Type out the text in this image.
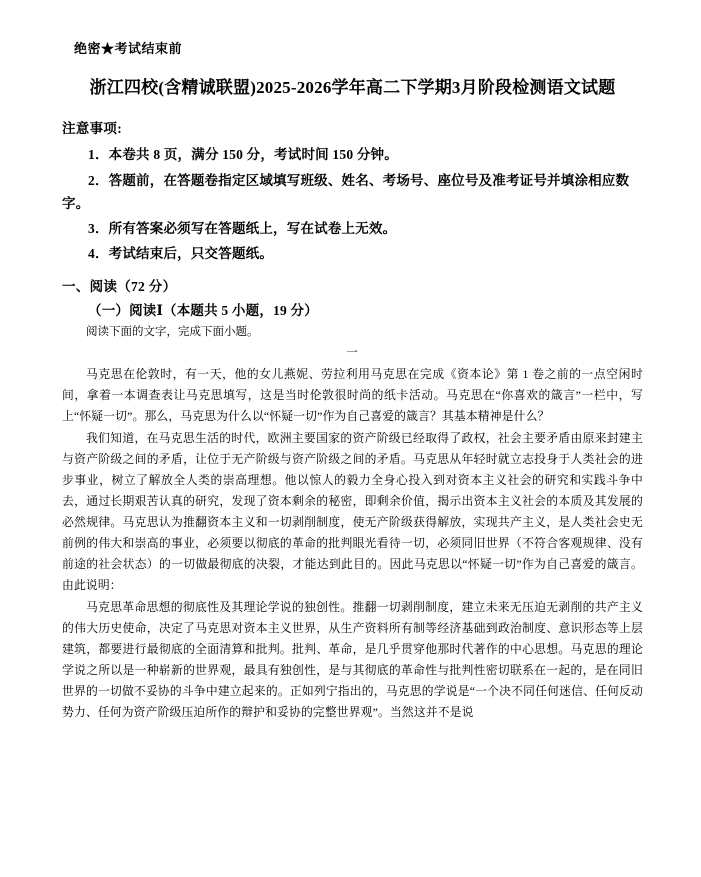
绝密★考试结束前
浙江四校(含精诚联盟)2025-2026学年高二下学期3月阶段检测语文试题
注意事项:
1．本卷共 8 页，满分 150 分，考试时间 150 分钟。
2．答题前，在答题卷指定区域填写班级、姓名、考场号、座位号及准考证号并填涂相应数字。
3．所有答案必须写在答题纸上，写在试卷上无效。
4．考试结束后，只交答题纸。
一、阅读（72 分）
（一）阅读Ⅰ（本题共 5 小题，19 分）
阅读下面的文字，完成下面小题。
一
马克思在伦敦时，有一天，他的女儿燕妮、劳拉利用马克思在完成《资本论》第 1 卷之前的一点空闲时间，拿着一本调查表让马克思填写，这是当时伦敦很时尚的纸卡活动。马克思在“你喜欢的箴言”一栏中，写上“怀疑一切”。那么，马克思为什么以“怀疑一切”作为自己喜爱的箴言？其基本精神是什么？
我们知道，在马克思生活的时代，欧洲主要国家的资产阶级已经取得了政权，社会主要矛盾由原来封建主与资产阶级之间的矛盾，让位于无产阶级与资产阶级之间的矛盾。马克思从年轻时就立志投身于人类社会的进步事业，树立了解放全人类的崇高理想。他以惊人的毅力全身心投入到对资本主义社会的研究和实践斗争中去，通过长期艰苦认真的研究，发现了资本剩余的秘密，即剩余价值，揭示出资本主义社会的本质及其发展的必然规律。马克思认为推翻资本主义和一切剥削制度，使无产阶级获得解放，实现共产主义，是人类社会史无前例的伟大和崇高的事业，必须要以彻底的革命的批判眼光看待一切，必须同旧世界（不符合客观规律、没有前途的社会状态）的一切做最彻底的决裂，才能达到此目的。因此马克思以“怀疑一切”作为自己喜爱的箴言。由此说明：
马克思革命思想的彻底性及其理论学说的独创性。推翻一切剥削制度，建立未来无压迫无剥削的共产主义的伟大历史使命，决定了马克思对资本主义世界，从生产资料所有制等经济基础到政治制度、意识形态等上层建筑，都要进行最彻底的全面清算和批判。批判、革命，是几乎贯穿他那时代著作的中心思想。马克思的理论学说之所以是一种崭新的世界观，最具有独创性，是与其彻底的革命性与批判性密切联系在一起的，是在同旧世界的一切做不妥协的斗争中建立起来的。正如列宁指出的，马克思的学说是“一个决不同任何迷信、任何反动势力、任何为资产阶级压迫所作的辩护和妥协的完整世界观”。当然这并不是说
